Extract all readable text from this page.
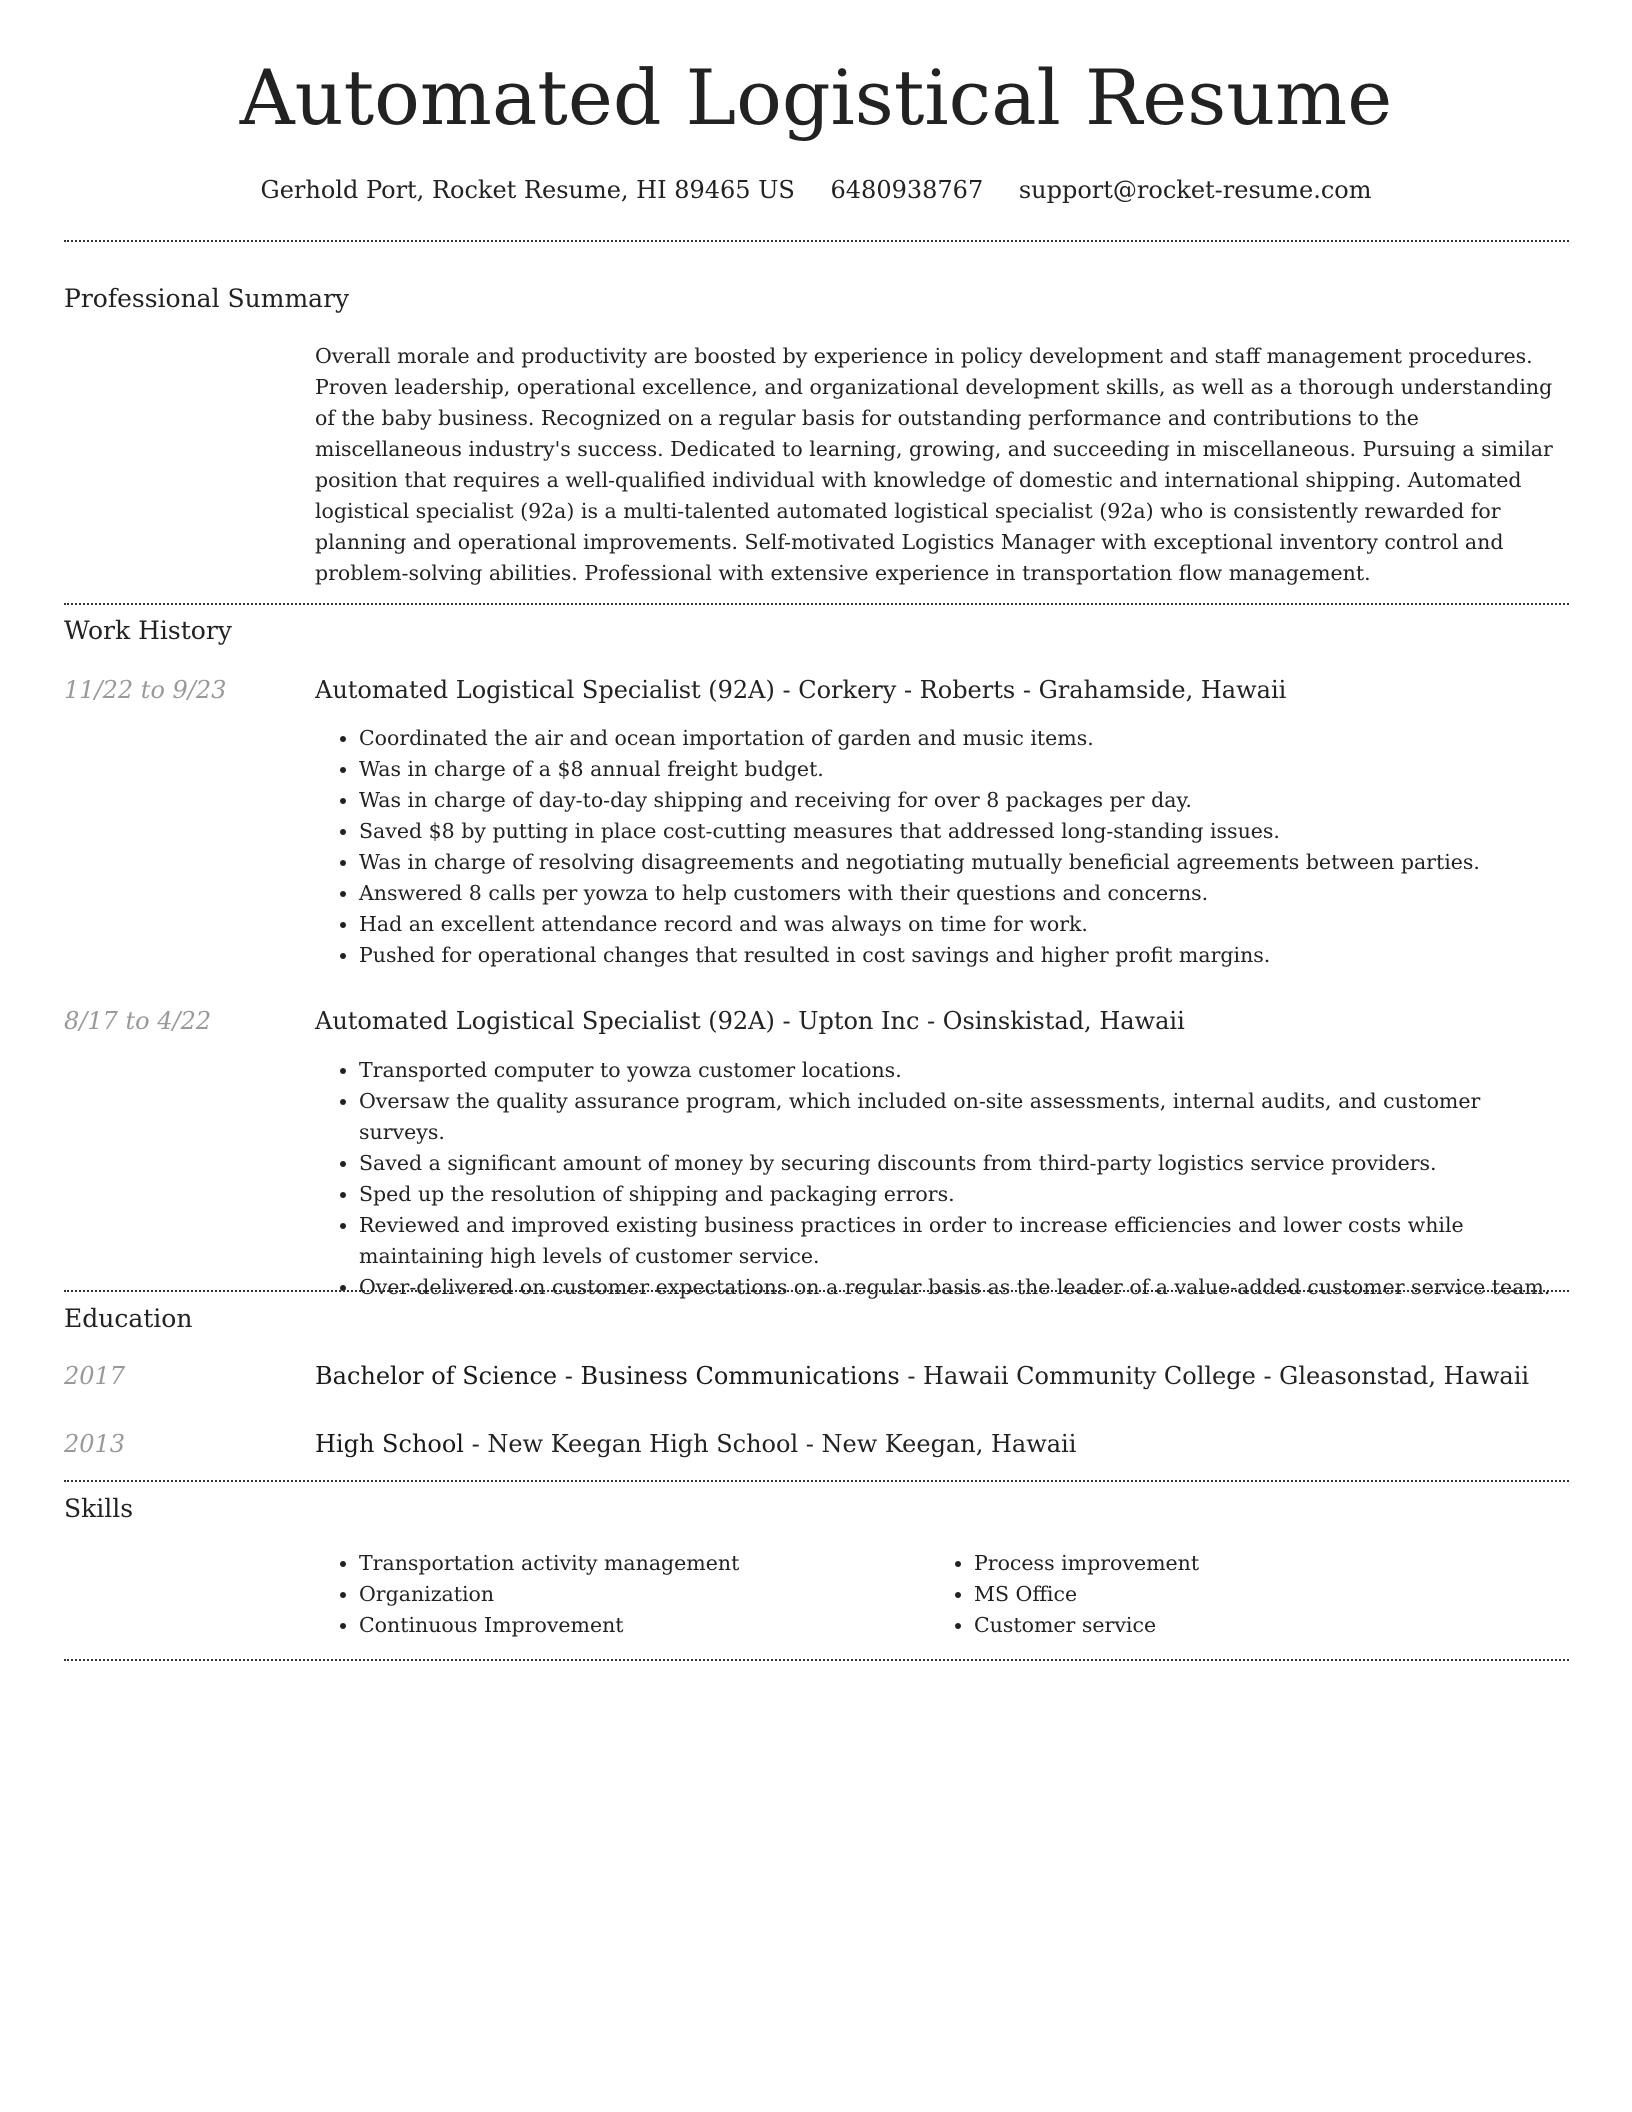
Automated Logistical Resume
Gerhold Port, Rocket Resume, HI 89465 US 6480938767 support@rocket-resume.com
Professional Summary

Overall morale and productivity are boosted by experience in policy development and staff management procedures. Proven leadership, operational excellence, and organizational development skills, as well as a thorough understanding of the baby business. Recognized on a regular basis for outstanding performance and contributions to the miscellaneous industry's success. Dedicated to learning, growing, and succeeding in miscellaneous. Pursuing a similar position that requires a well-qualified individual with knowledge of domestic and international shipping. Automated logistical specialist (92a) is a multi-talented automated logistical specialist (92a) who is consistently rewarded for planning and operational improvements. Self-motivated Logistics Manager with exceptional inventory control and problem-solving abilities. Professional with extensive experience in transportation flow management.

Work History
11/22 to 9/23	Automated Logistical Specialist (92A) - Corkery - Roberts - Grahamside, Hawaii
• Coordinated the air and ocean importation of garden and music items.
• Was in charge of a $8 annual freight budget.
• Was in charge of day-to-day shipping and receiving for over 8 packages per day.
• Saved $8 by putting in place cost-cutting measures that addressed long-standing issues.
• Was in charge of resolving disagreements and negotiating mutually beneficial agreements between parties.
• Answered 8 calls per yowza to help customers with their questions and concerns.
• Had an excellent attendance record and was always on time for work.
• Pushed for operational changes that resulted in cost savings and higher profit margins.
8/17 to 4/22	Automated Logistical Specialist (92A) - Upton Inc - Osinskistad, Hawaii
• Transported computer to yowza customer locations.
• Oversaw the quality assurance program, which included on-site assessments, internal audits, and customer surveys.
• Saved a significant amount of money by securing discounts from third-party logistics service providers.
• Sped up the resolution of shipping and packaging errors.
• Reviewed and improved existing business practices in order to increase efficiencies and lower costs while maintaining high levels of customer service.
• Over-delivered on customer expectations on a regular basis as the leader of a value-added customer service team.
Education
2017	Bachelor of Science - Business Communications - Hawaii Community College - Gleasonstad, Hawaii
2013	High School - New Keegan High School - New Keegan, Hawaii
Skills
• Transportation activity management
• Organization
• Continuous Improvement
• Process improvement
• MS Office
• Customer service
